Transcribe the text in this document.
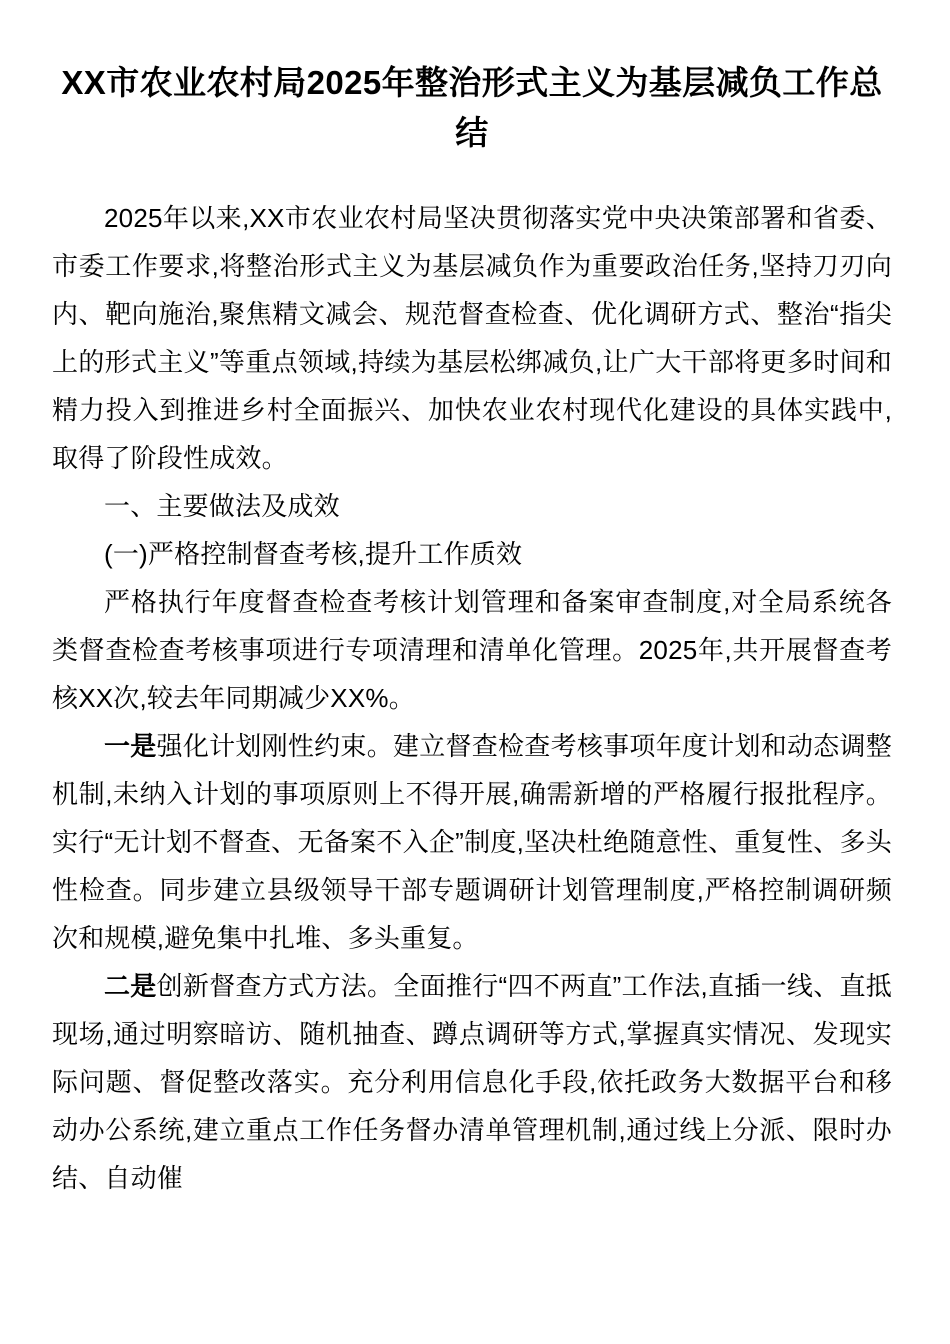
XX市农业农村局2025年整治形式主义为基层减负工作总结

2025年以来,XX市农业农村局坚决贯彻落实党中央决策部署和省委、市委工作要求,将整治形式主义为基层减负作为重要政治任务,坚持刀刃向内、靶向施治,聚焦精文减会、规范督查检查、优化调研方式、整治“指尖上的形式主义”等重点领域,持续为基层松绑减负,让广大干部将更多时间和精力投入到推进乡村全面振兴、加快农业农村现代化建设的具体实践中,取得了阶段性成效。

一、主要做法及成效

(一)严格控制督查考核,提升工作质效

严格执行年度督查检查考核计划管理和备案审查制度,对全局系统各类督查检查考核事项进行专项清理和清单化管理。2025年,共开展督查考核XX次,较去年同期减少XX%。

一是强化计划刚性约束。建立督查检查考核事项年度计划和动态调整机制,未纳入计划的事项原则上不得开展,确需新增的严格履行报批程序。实行“无计划不督查、无备案不入企”制度,坚决杜绝随意性、重复性、多头性检查。同步建立县级领导干部专题调研计划管理制度,严格控制调研频次和规模,避免集中扎堆、多头重复。

二是创新督查方式方法。全面推行“四不两直”工作法,直插一线、直抵现场,通过明察暗访、随机抽查、蹲点调研等方式,掌握真实情况、发现实际问题、督促整改落实。充分利用信息化手段,依托政务大数据平台和移动办公系统,建立重点工作任务督办清单管理机制,通过线上分派、限时办结、自动催
